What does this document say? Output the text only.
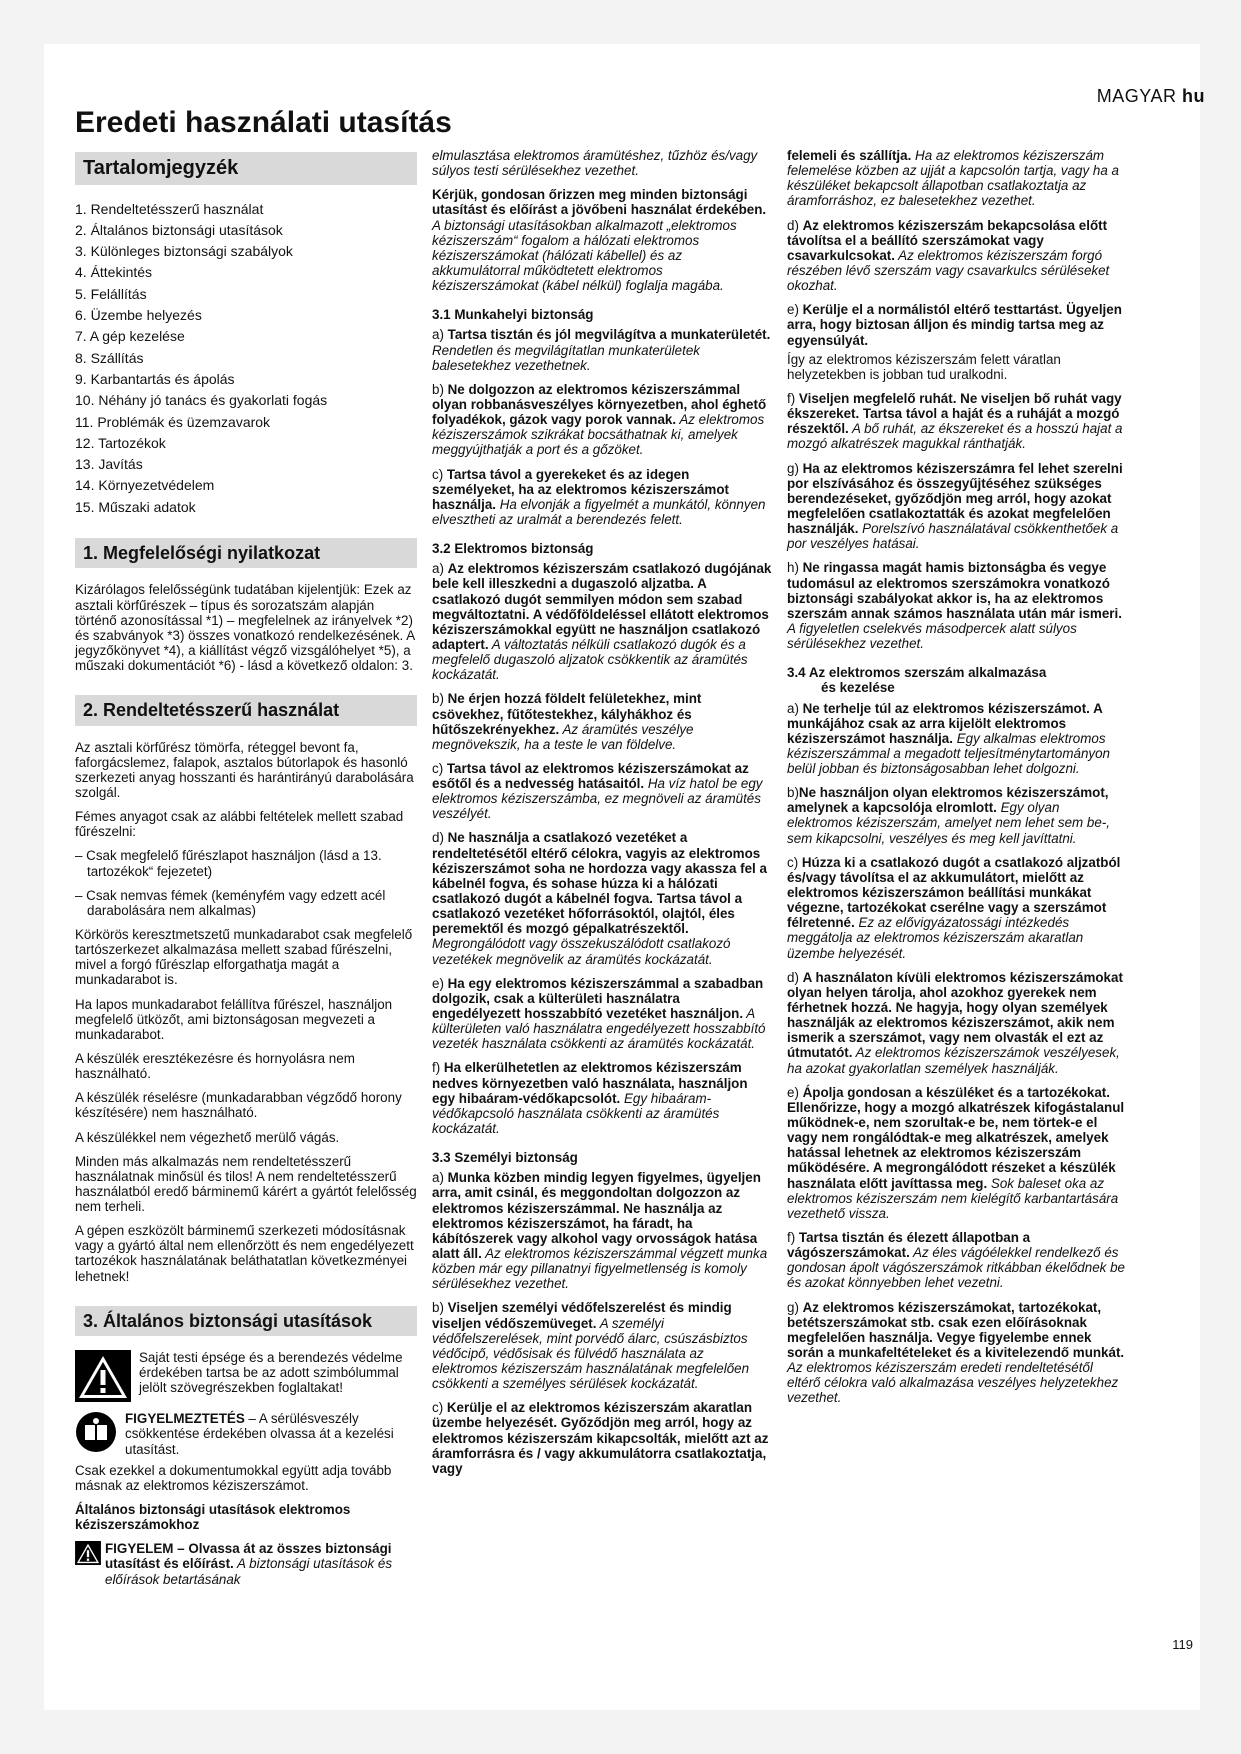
MAGYAR hu
Eredeti használati utasítás
Tartalomjegyzék
1. Rendeltetésszerű használat
2. Általános biztonsági utasítások
3. Különleges biztonsági szabályok
4. Áttekintés
5. Felállítás
6. Üzembe helyezés
7. A gép kezelése
8. Szállítás
9. Karbantartás és ápolás
10. Néhány jó tanács és gyakorlati fogás
11. Problémák és üzemzavarok
12. Tartozékok
13. Javítás
14. Környezetvédelem
15. Műszaki adatok
1. Megfelelőségi nyilatkozat

Kizárólagos felelősségünk tudatában kijelentjük: Ezek az asztali körfűrészek – típus és sorozatszám alapján történő azonosítással *1) – megfelelnek az irányelvek *2) és szabványok *3) összes vonatkozó rendelkezésének. A jegyzőkönyvet *4), a kiállítást végző vizsgálóhelyet *5), a műszaki dokumentációt *6) - lásd a következő oldalon: 3.

2. Rendeltetésszerű használat

Az asztali körfűrész tömörfa, réteggel bevont fa, faforgácslemez, falapok, asztalos bútorlapok és hasonló szerkezeti anyag hosszanti és harántirányú darabolására szolgál.

Fémes anyagot csak az alábbi feltételek mellett szabad fűrészelni:

– Csak megfelelő fűrészlapot használjon (lásd a 13. tartozékok“ fejezetet)

– Csak nemvas fémek (keményfém vagy edzett acél darabolására nem alkalmas)

Körkörös keresztmetszetű munkadarabot csak megfelelő tartószerkezet alkalmazása mellett szabad fűrészelni, mivel a forgó fűrészlap elforgathatja magát a munkadarabot is.

Ha lapos munkadarabot felállítva fűrészel, használjon megfelelő ütközőt, ami biztonságosan megvezeti a munkadarabot.

A készülék eresztékezésre és hornyolásra nem használható.

A készülék réselésre (munkadarabban végződő horony készítésére) nem használható.

A készülékkel nem végezhető merülő vágás.

Minden más alkalmazás nem rendeltetésszerű használatnak minősül és tilos! A nem rendeltetésszerű használatból eredő bárminemű kárért a gyártót felelősség nem terheli.

A gépen eszközölt bárminemű szerkezeti módosításnak vagy a gyártó által nem ellenőrzött és nem engedélyezett tartozékok használatának beláthatatlan következményei lehetnek!

3. Általános biztonsági utasítások

Saját testi épsége és a berendezés védelme érdekében tartsa be az adott szimbólummal jelölt szövegrészekben foglaltakat!

FIGYELMEZTETÉS – A sérülésveszély csökkentése érdekében olvassa át a kezelési utasítást.

Csak ezekkel a dokumentumokkal együtt adja tovább másnak az elektromos kéziszerszámot.

Általános biztonsági utasítások elektromos kéziszerszámokhoz

FIGYELEM – Olvassa át az összes biztonsági utasítást és előírást. A biztonsági utasítások és előírások betartásának

elmulasztása elektromos áramütéshez, tűzhöz és/vagy súlyos testi sérülésekhez vezethet.

Kérjük, gondosan őrizzen meg minden biztonsági utasítást és előírást a jövőbeni használat érdekében. A biztonsági utasításokban alkalmazott „elektromos kéziszerszám“ fogalom a hálózati elektromos kéziszerszámokat (hálózati kábellel) és az akkumulátorral működtetett elektromos kéziszerszámokat (kábel nélkül) foglalja magába.

3.1 Munkahelyi biztonság

a) Tartsa tisztán és jól megvilágítva a munkaterületét. Rendetlen és megvilágítatlan munkaterületek balesetekhez vezethetnek.

b) Ne dolgozzon az elektromos kéziszerszámmal olyan robbanásveszélyes környezetben, ahol éghető folyadékok, gázok vagy porok vannak. Az elektromos kéziszerszámok szikrákat bocsáthatnak ki, amelyek meggyújthatják a port és a gőzöket.

c) Tartsa távol a gyerekeket és az idegen személyeket, ha az elektromos kéziszerszámot használja. Ha elvonják a figyelmét a munkától, könnyen elvesztheti az uralmát a berendezés felett.

3.2 Elektromos biztonság

a) Az elektromos kéziszerszám csatlakozó dugójának bele kell illeszkedni a dugaszoló aljzatba. A csatlakozó dugót semmilyen módon sem szabad megváltoztatni. A védőföldeléssel ellátott elektromos kéziszerszámokkal együtt ne használjon csatlakozó adaptert. A változtatás nélküli csatlakozó dugók és a megfelelő dugaszoló aljzatok csökkentik az áramütés kockázatát.

b) Ne érjen hozzá földelt felületekhez, mint csövekhez, fűtőtestekhez, kályhákhoz és hűtőszekrényekhez. Az áramütés veszélye megnövekszik, ha a teste le van földelve.

c) Tartsa távol az elektromos kéziszerszámokat az esőtől és a nedvesség hatásaitól. Ha víz hatol be egy elektromos kéziszerszámba, ez megnöveli az áramütés veszélyét.

d) Ne használja a csatlakozó vezetéket a rendeltetésétől eltérő célokra, vagyis az elektromos kéziszerszámot soha ne hordozza vagy akassza fel a kábelnél fogva, és sohase húzza ki a hálózati csatlakozó dugót a kábelnél fogva. Tartsa távol a csatlakozó vezetéket hőforrásoktól, olajtól, éles peremektől és mozgó gépalkatrészektől. Megrongálódott vagy összekuszálódott csatlakozó vezetékek megnövelik az áramütés kockázatát.

e) Ha egy elektromos kéziszerszámmal a szabadban dolgozik, csak a külterületi használatra engedélyezett hosszabbító vezetéket használjon. A külterületen való használatra engedélyezett hosszabbító vezeték használata csökkenti az áramütés kockázatát.

f) Ha elkerülhetetlen az elektromos kéziszerszám nedves környezetben való használata, használjon egy hibaáram-védőkapcsolót. Egy hibaáram-védőkapcsoló használata csökkenti az áramütés kockázatát.

3.3 Személyi biztonság

a) Munka közben mindig legyen figyelmes, ügyeljen arra, amit csinál, és meggondoltan dolgozzon az elektromos kéziszerszámmal. Ne használja az elektromos kéziszerszámot, ha fáradt, ha kábítószerek vagy alkohol vagy orvosságok hatása alatt áll. Az elektromos kéziszerszámmal végzett munka közben már egy pillanatnyi figyelmetlenség is komoly sérülésekhez vezethet.

b) Viseljen személyi védőfelszerelést és mindig viseljen védőszemüveget. A személyi védőfelszerelések, mint porvédő álarc, csúszásbiztos védőcipő, védősisak és fülvédő használata az elektromos kéziszerszám használatának megfelelően csökkenti a személyes sérülések kockázatát.

c) Kerülje el az elektromos kéziszerszám akaratlan üzembe helyezését. Győződjön meg arról, hogy az elektromos kéziszerszám kikapcsolták, mielőtt azt az áramforrásra és / vagy akkumulátorra csatlakoztatja, vagy

felemeli és szállítja. Ha az elektromos kéziszerszám felemelése közben az ujját a kapcsolón tartja, vagy ha a készüléket bekapcsolt állapotban csatlakoztatja az áramforráshoz, ez balesetekhez vezethet.

d) Az elektromos kéziszerszám bekapcsolása előtt távolítsa el a beállító szerszámokat vagy csavarkulcsokat. Az elektromos kéziszerszám forgó részében lévő szerszám vagy csavarkulcs sérüléseket okozhat.

e) Kerülje el a normálistól eltérő testtartást. Ügyeljen arra, hogy biztosan álljon és mindig tartsa meg az egyensúlyát.

Így az elektromos kéziszerszám felett váratlan helyzetekben is jobban tud uralkodni.

f) Viseljen megfelelő ruhát. Ne viseljen bő ruhát vagy ékszereket. Tartsa távol a haját és a ruháját a mozgó részektől. A bő ruhát, az ékszereket és a hosszú hajat a mozgó alkatrészek magukkal ránthatják.

g) Ha az elektromos kéziszerszámra fel lehet szerelni por elszívásához és összegyűjtéséhez szükséges berendezéseket, győződjön meg arról, hogy azokat megfelelően csatlakoztatták és azokat megfelelően használják. Porelszívó használatával csökkenthetőek a por veszélyes hatásai.

h) Ne ringassa magát hamis biztonságba és vegye tudomásul az elektromos szerszámokra vonatkozó biztonsági szabályokat akkor is, ha az elektromos szerszám annak számos használata után már ismeri. A figyeletlen cselekvés másodpercek alatt súlyos sérülésekhez vezethet.

3.4 Az elektromos szerszám alkalmazása
és kezelése

a) Ne terhelje túl az elektromos kéziszerszámot. A munkájához csak az arra kijelölt elektromos kéziszerszámot használja. Egy alkalmas elektromos kéziszerszámmal a megadott teljesítménytartományon belül jobban és biztonságosabban lehet dolgozni.

b)Ne használjon olyan elektromos kéziszerszámot, amelynek a kapcsolója elromlott. Egy olyan elektromos kéziszerszám, amelyet nem lehet sem be-, sem kikapcsolni, veszélyes és meg kell javíttatni.

c) Húzza ki a csatlakozó dugót a csatlakozó aljzatból és/vagy távolítsa el az akkumulátort, mielőtt az elektromos kéziszerszámon beállítási munkákat végezne, tartozékokat cserélne vagy a szerszámot félretenné. Ez az elővigyázatossági intézkedés meggátolja az elektromos kéziszerszám akaratlan üzembe helyezését.

d) A használaton kívüli elektromos kéziszerszámokat olyan helyen tárolja, ahol azokhoz gyerekek nem férhetnek hozzá. Ne hagyja, hogy olyan személyek használják az elektromos kéziszerszámot, akik nem ismerik a szerszámot, vagy nem olvasták el ezt az útmutatót. Az elektromos kéziszerszámok veszélyesek, ha azokat gyakorlatlan személyek használják.

e) Ápolja gondosan a készüléket és a tartozékokat. Ellenőrizze, hogy a mozgó alkatrészek kifogástalanul működnek-e, nem szorultak-e be, nem törtek-e el vagy nem rongálódtak-e meg alkatrészek, amelyek hatással lehetnek az elektromos kéziszerszám működésére. A megrongálódott részeket a készülék használata előtt javíttassa meg. Sok baleset oka az elektromos kéziszerszám nem kielégítő karbantartására vezethető vissza.

f) Tartsa tisztán és élezett állapotban a vágószerszámokat. Az éles vágóélekkel rendelkező és gondosan ápolt vágószerszámok ritkábban ékelődnek be és azokat könnyebben lehet vezetni.

g) Az elektromos kéziszerszámokat, tartozékokat, betétszerszámokat stb. csak ezen előírásoknak megfelelően használja. Vegye figyelembe ennek során a munkafeltételeket és a kivitelezendő munkát. Az elektromos kéziszerszám eredeti rendeltetésétől eltérő célokra való alkalmazása veszélyes helyzetekhez vezethet.

119
